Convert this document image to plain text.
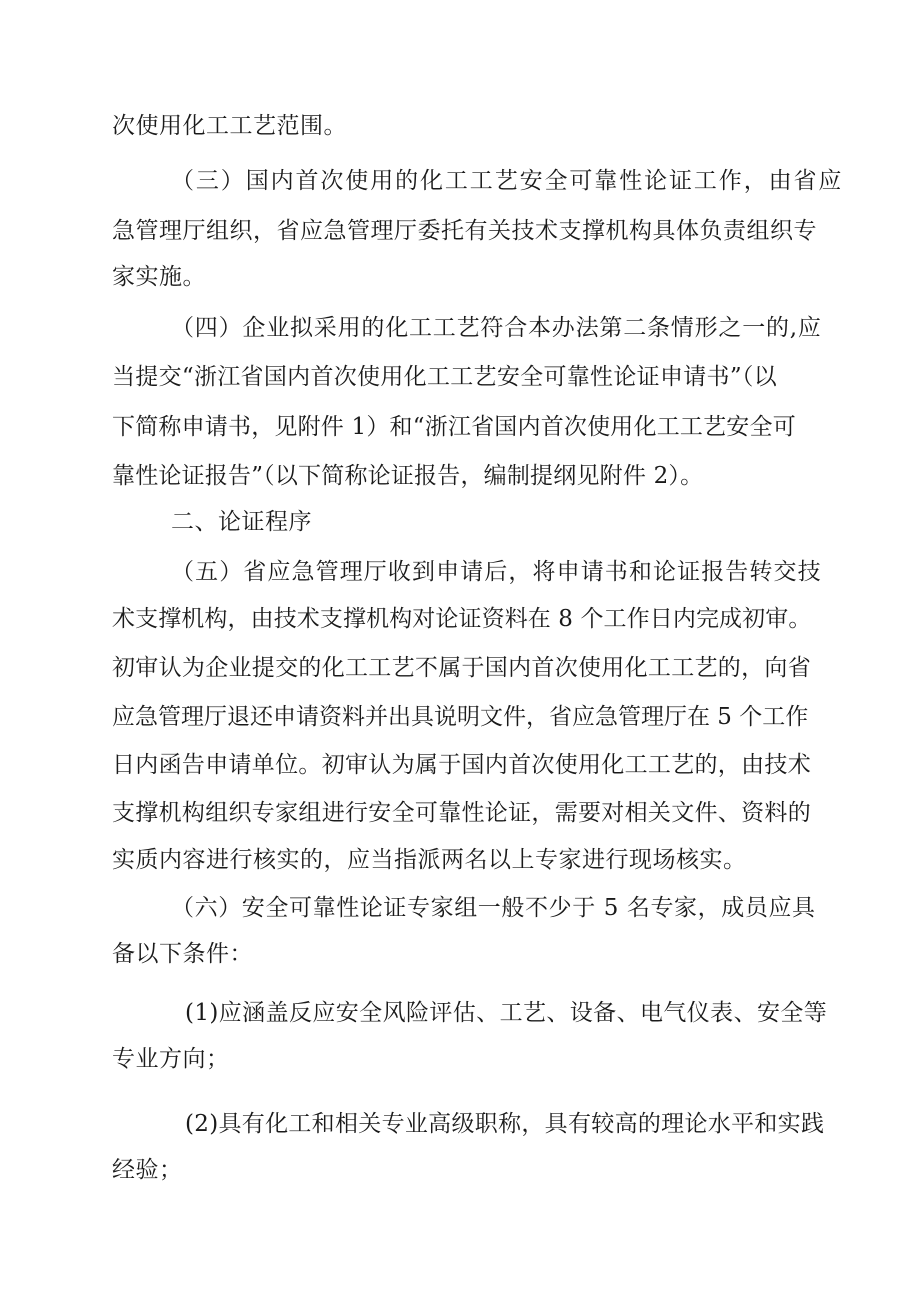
次使用化工工艺范围。
（三）国内首次使用的化工工艺安全可靠性论证工作，由省应
急管理厅组织，省应急管理厅委托有关技术支撑机构具体负责组织专
家实施。
（四）企业拟采用的化工工艺符合本办法第二条情形之一的,应
当提交“浙江省国内首次使用化工工艺安全可靠性论证申请书”（以
下简称申请书，见附件 1）和“浙江省国内首次使用化工工艺安全可
靠性论证报告”（以下简称论证报告，编制提纲见附件 2）。
二、论证程序
（五）省应急管理厅收到申请后，将申请书和论证报告转交技
术支撑机构，由技术支撑机构对论证资料在 8 个工作日内完成初审。
初审认为企业提交的化工工艺不属于国内首次使用化工工艺的，向省
应急管理厅退还申请资料并出具说明文件，省应急管理厅在 5 个工作
日内函告申请单位。初审认为属于国内首次使用化工工艺的，由技术
支撑机构组织专家组进行安全可靠性论证，需要对相关文件、资料的
实质内容进行核实的，应当指派两名以上专家进行现场核实。
（六）安全可靠性论证专家组一般不少于 5 名专家，成员应具
备以下条件：
(1)应涵盖反应安全风险评估、工艺、设备、电气仪表、安全等
专业方向；
(2)具有化工和相关专业高级职称，具有较高的理论水平和实践
经验；
